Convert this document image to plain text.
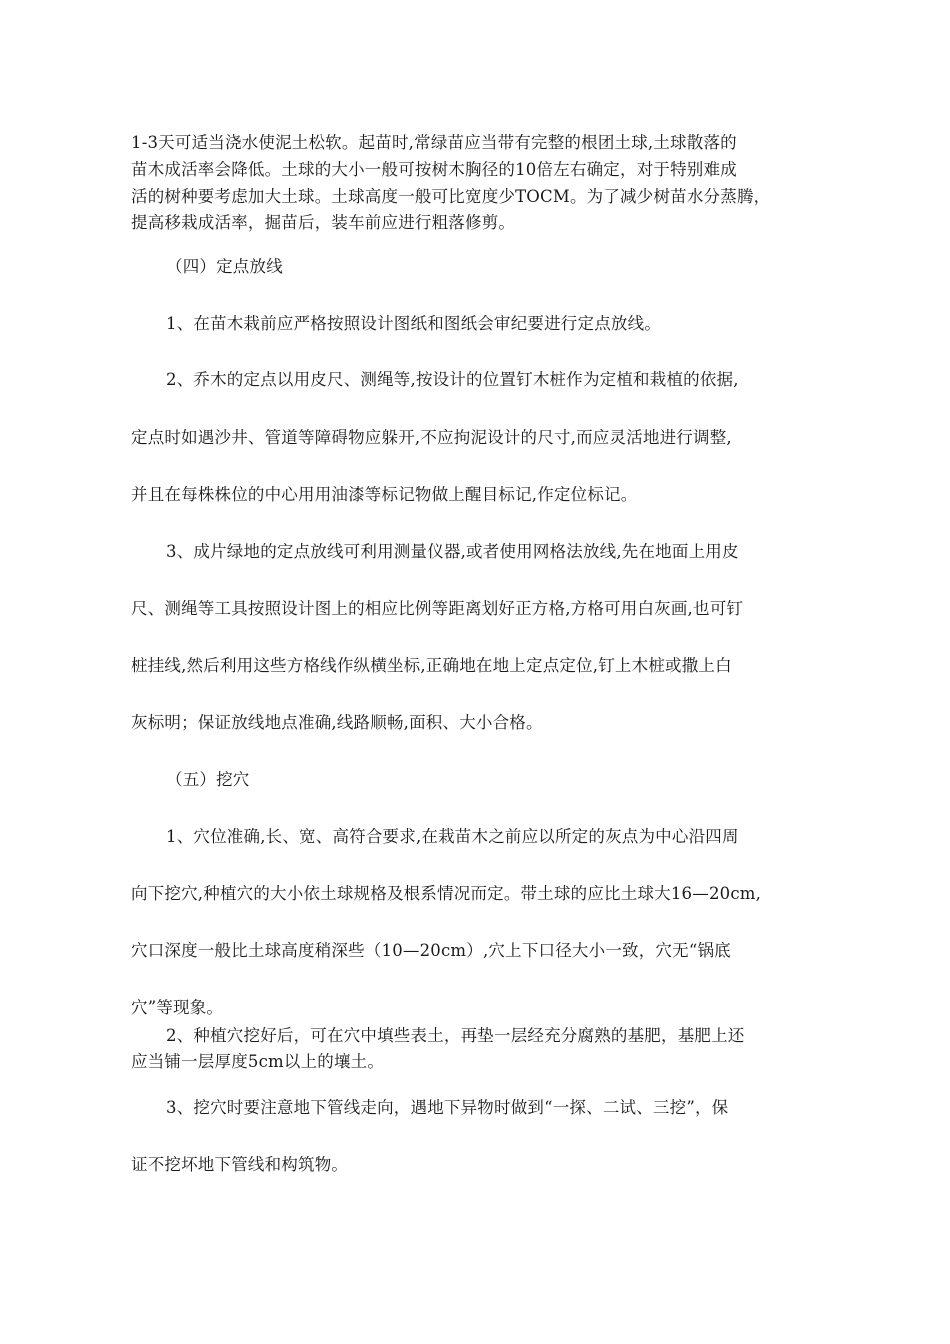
1-3天可适当浇水使泥土松软。起苗时,常绿苗应当带有完整的根团土球,土球散落的
苗木成活率会降低。土球的大小一般可按树木胸径的10倍左右确定，对于特别难成
活的树种要考虑加大土球。土球高度一般可比宽度少TOCM。为了减少树苗水分蒸腾，
提高移栽成活率，掘苗后，装车前应进行粗落修剪。
（四）定点放线
1、在苗木栽前应严格按照设计图纸和图纸会审纪要进行定点放线。
2、乔木的定点以用皮尺、测绳等,按设计的位置钉木桩作为定植和栽植的依据,
定点时如遇沙井、管道等障碍物应躲开,不应拘泥设计的尺寸,而应灵活地进行调整,
并且在每株株位的中心用用油漆等标记物做上醒目标记,作定位标记。
3、成片绿地的定点放线可利用测量仪器,或者使用网格法放线,先在地面上用皮
尺、测绳等工具按照设计图上的相应比例等距离划好正方格,方格可用白灰画,也可钉
桩挂线,然后利用这些方格线作纵横坐标,正确地在地上定点定位,钉上木桩或撒上白
灰标明；保证放线地点准确,线路顺畅,面积、大小合格。
（五）挖穴
1、穴位准确,长、宽、高符合要求,在栽苗木之前应以所定的灰点为中心沿四周
向下挖穴,种植穴的大小依土球规格及根系情况而定。带土球的应比土球大16—20cm,
穴口深度一般比土球高度稍深些（10—20cm）,穴上下口径大小一致，穴无“锅底
穴”等现象。
2、种植穴挖好后，可在穴中填些表土，再垫一层经充分腐熟的基肥，基肥上还
应当铺一层厚度5cm以上的壤土。
3、挖穴时要注意地下管线走向，遇地下异物时做到“一探、二试、三挖”，保
证不挖坏地下管线和构筑物。
